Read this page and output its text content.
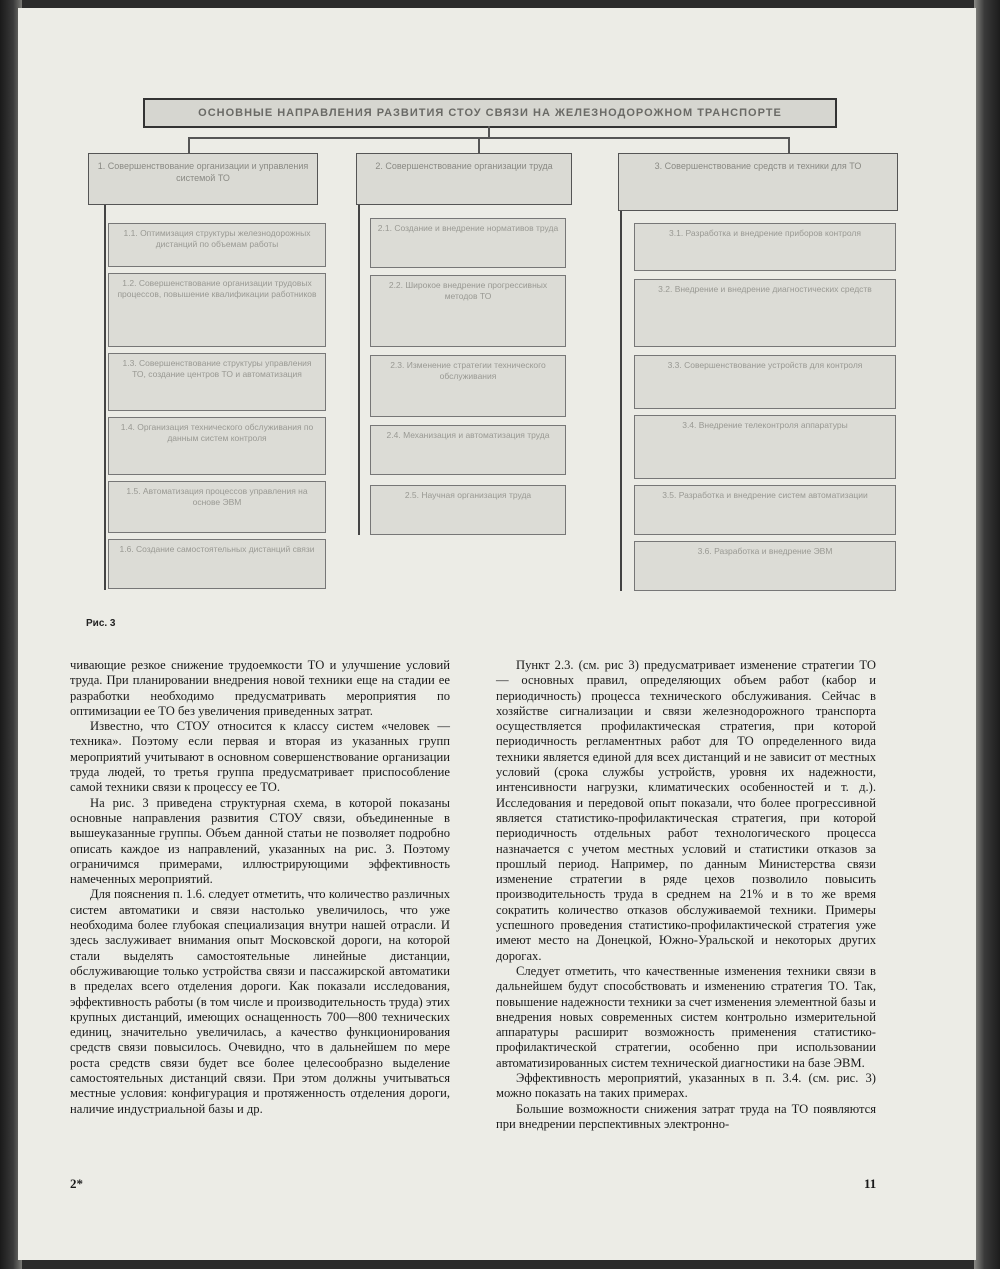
ОСНОВНЫЕ НАПРАВЛЕНИЯ РАЗВИТИЯ СТОУ СВЯЗИ НА ЖЕЛЕЗНОДОРОЖНОМ ТРАНСПОРТЕ
1. Совершенствование организации и управления системой ТО
1.1. Оптимизация структуры железнодорожных дистанций по объемам работы
1.2. Совершенствование организации трудовых процессов, повышение квалификации работников
1.3. Совершенствование структуры управления ТО, создание центров ТО и автоматизация
1.4. Организация технического обслуживания по данным систем контроля
1.5. Автоматизация процессов управления на основе ЭВМ
1.6. Создание самостоятельных дистанций связи
2. Совершенствование организации труда
2.1. Создание и внедрение нормативов труда
2.2. Широкое внедрение прогрессивных методов ТО
2.3. Изменение стратегии технического обслуживания
2.4. Механизация и автоматизация труда
2.5. Научная организация труда
3. Совершенствование средств и техники для ТО
3.1. Разработка и внедрение приборов контроля
3.2. Внедрение и внедрение диагностических средств
3.3. Совершенствование устройств для контроля
3.4. Внедрение телеконтроля аппаратуры
3.5. Разработка и внедрение систем автоматизации
3.6. Разработка и внедрение ЭВМ
Рис. 3

чивающие резкое снижение трудоемкости ТО и улучшение условий труда. При планировании внедрения новой техники еще на стадии ее разработки необходимо предусматривать мероприятия по оптимизации ее ТО без увеличения приведенных затрат.

Известно, что СТОУ относится к классу систем «человек — техника». Поэтому если первая и вторая из указанных групп мероприятий учитывают в основном совершенствование организации труда людей, то третья группа предусматривает приспособление самой техники связи к процессу ее ТО.

На рис. 3 приведена структурная схема, в которой показаны основные направления развития СТОУ связи, объединенные в вышеуказанные группы. Объем данной статьи не позволяет подробно описать каждое из направлений, указанных на рис. 3. Поэтому ограничимся примерами, иллюстрирующими эффективность намеченных мероприятий.

Для пояснения п. 1.6. следует отметить, что количество различных систем автоматики и связи настолько увеличилось, что уже необходима более глубокая специализация внутри нашей отрасли. И здесь заслуживает внимания опыт Московской дороги, на которой стали выделять самостоятельные линейные дистанции, обслуживающие только устройства связи и пассажирской автоматики в пределах всего отделения дороги. Как показали исследования, эффективность работы (в том числе и производительность труда) этих крупных дистанций, имеющих оснащенность 700—800 технических единиц, значительно увеличилась, а качество функционирования средств связи повысилось. Очевидно, что в дальнейшем по мере роста средств связи будет все более целесообразно выделение самостоятельных дистанций связи. При этом должны учитываться местные условия: конфигурация и протяженность отделения дороги, наличие индустриальной базы и др.

Пункт 2.3. (см. рис 3) предусматривает изменение стратегии ТО — основных правил, определяющих объем работ (кабор и периодичность) процесса технического обслуживания. Сейчас в хозяйстве сигнализации и связи железнодорожного транспорта осуществляется профилактическая стратегия, при которой периодичность регламентных работ для ТО определенного вида техники является единой для всех дистанций и не зависит от местных условий (срока службы устройств, уровня их надежности, интенсивности нагрузки, климатических особенностей и т. д.). Исследования и передовой опыт показали, что более прогрессивной является статистико-профилактическая стратегия, при которой периодичность отдельных работ технологического процесса назначается с учетом местных условий и статистики отказов за прошлый период. Например, по данным Министерства связи изменение стратегии в ряде цехов позволило повысить производительность труда в среднем на 21% и в то же время сократить количество отказов обслуживаемой техники. Примеры успешного проведения статистико-профилактической стратегия уже имеют место на Донецкой, Южно-Уральской и некоторых других дорогах.

Следует отметить, что качественные изменения техники связи в дальнейшем будут способствовать и изменению стратегия ТО. Так, повышение надежности техники за счет изменения элементной базы и внедрения новых современных систем контрольно измерительной аппаратуры расширит возможность применения статистико-профилактической стратегии, особенно при использовании автоматизированных систем технической диагностики на базе ЭВМ.

Эффективность мероприятий, указанных в п. 3.4. (см. рис. 3) можно показать на таких примерах.

Большие возможности снижения затрат труда на ТО появляются при внедрении перспективных электронно-

2*	11
